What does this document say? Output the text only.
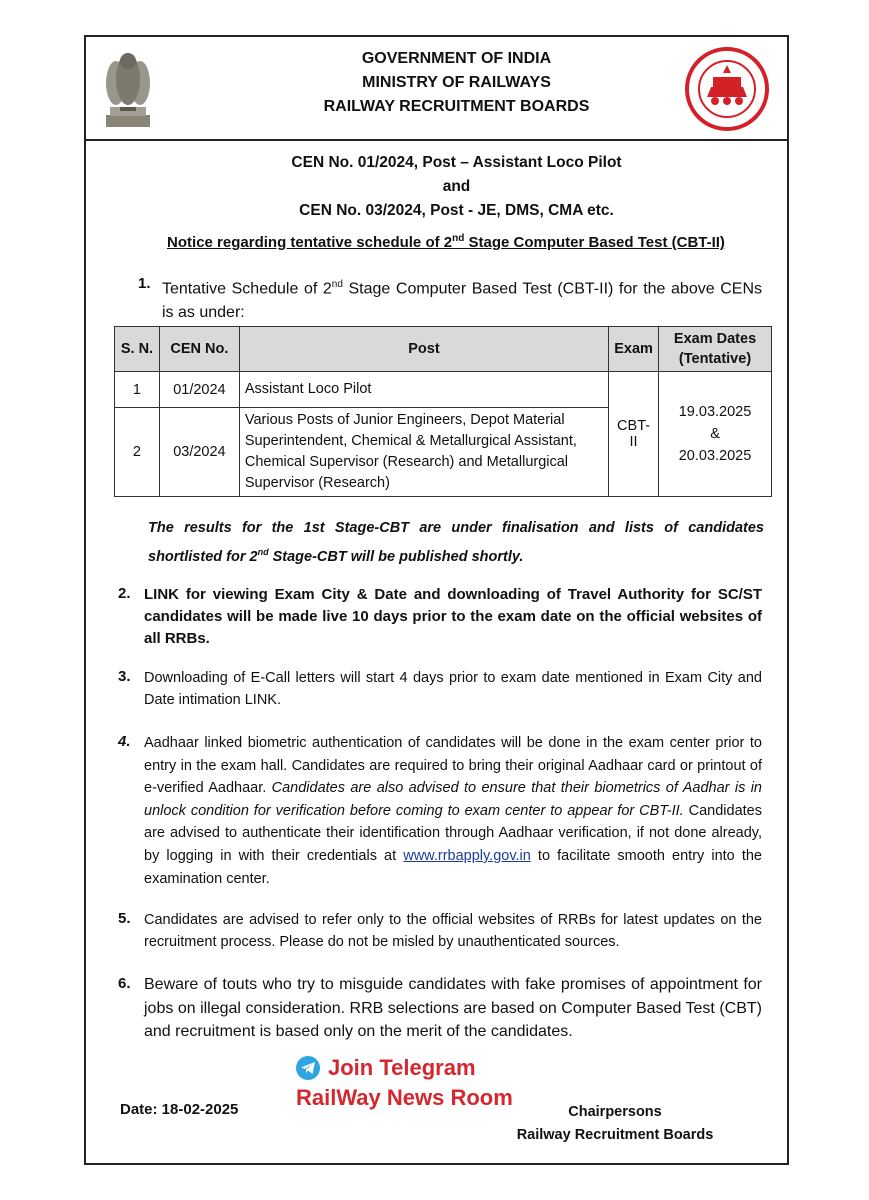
GOVERNMENT OF INDIA
MINISTRY OF RAILWAYS
RAILWAY RECRUITMENT BOARDS
CEN No. 01/2024, Post – Assistant Loco Pilot
and
CEN No. 03/2024, Post - JE, DMS, CMA etc.
Notice regarding tentative schedule of 2nd Stage Computer Based Test (CBT-II)
1. Tentative Schedule of 2nd Stage Computer Based Test (CBT-II) for the above CENs is as under:
S. N.	CEN No.	Post	Exam	Exam Dates (Tentative)
1	01/2024	Assistant Loco Pilot	CBT-II	19.03.2025
&
20.03.2025

2	03/2024	Various Posts of Junior Engineers, Depot Material Superintendent, Chemical & Metallurgical Assistant, Chemical Supervisor (Research) and Metallurgical Supervisor (Research)		
The results for the 1st Stage-CBT are under finalisation and lists of candidates shortlisted for 2nd Stage-CBT will be published shortly.
2. LINK for viewing Exam City & Date and downloading of Travel Authority for SC/ST candidates will be made live 10 days prior to the exam date on the official websites of all RRBs.
3. Downloading of E-Call letters will start 4 days prior to exam date mentioned in Exam City and Date intimation LINK.
4. Aadhaar linked biometric authentication of candidates will be done in the exam center prior to entry in the exam hall. Candidates are required to bring their original Aadhaar card or printout of e-verified Aadhaar. Candidates are also advised to ensure that their biometrics of Aadhar is in unlock condition for verification before coming to exam center to appear for CBT-II. Candidates are advised to authenticate their identification through Aadhaar verification, if not done already, by logging in with their credentials at www.rrbapply.gov.in to facilitate smooth entry into the examination center.
5. Candidates are advised to refer only to the official websites of RRBs for latest updates on the recruitment process. Please do not be misled by unauthenticated sources.
6. Beware of touts who try to misguide candidates with fake promises of appointment for jobs on illegal consideration. RRB selections are based on Computer Based Test (CBT) and recruitment is based only on the merit of the candidates.
Join Telegram
RailWay News Room
Date: 18-02-2025	Chairpersons
Railway Recruitment Boards
